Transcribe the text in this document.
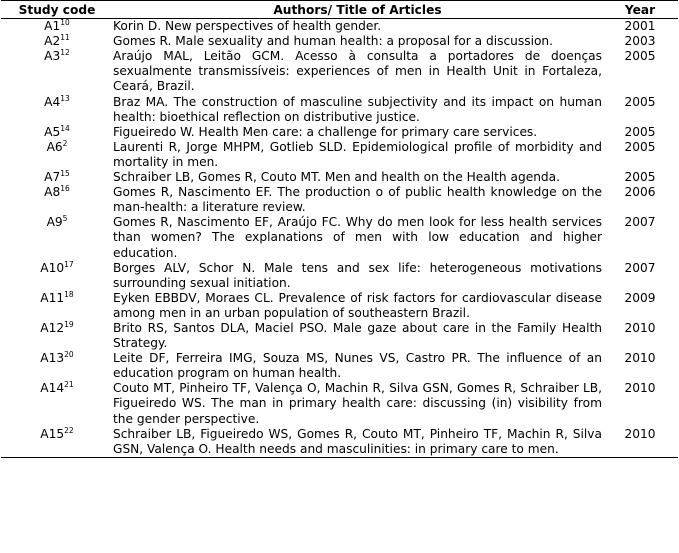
Study code	Authors/ Title of Articles	Year
$A1^{10}$	Korin D. New perspectives of health gender.	2001
$A2^{11}$	Gomes R. Male sexuality and human health: a proposal for a discussion.	2003
$A3^{12}$	Araújo MAL, Leitão GCM. Acesso à consulta a portadores de doenças sexualmente transmissíveis: experiences of men in Health Unit in Fortaleza, Ceará, Brazil.	2005
$A4^{13}$	Braz MA. The construction of masculine subjectivity and its impact on human health: bioethical reflection on distributive justice.	2005
$A5^{14}$	Figueiredo W. Health Men care: a challenge for primary care services.	2005
$A6^2$	Laurenti R, Jorge MHPM, Gotlieb SLD. Epidemiological profile of morbidity and mortality in men.	2005
$A7^{15}$	Schraiber LB, Gomes R, Couto MT. Men and health on the Health agenda.	2005
$A8^{16}$	Gomes R, Nascimento EF. The production o of public health knowledge on the man-health: a literature review.	2006
$A9^5$	Gomes R, Nascimento EF, Araújo FC. Why do men look for less health services than women? The explanations of men with low education and higher education.	2007
$A10^{17}$	Borges ALV, Schor N. Male tens and sex life: heterogeneous motivations surrounding sexual initiation.	2007
$A11^{18}$	Eyken EBBDV, Moraes CL. Prevalence of risk factors for cardiovascular disease among men in an urban population of southeastern Brazil.	2009
$A12^{19}$	Brito RS, Santos DLA, Maciel PSO. Male gaze about care in the Family Health Strategy.	2010
$A13^{20}$	Leite DF, Ferreira IMG, Souza MS, Nunes VS, Castro PR. The influence of an education program on human health.	2010
$A14^{21}$	Couto MT, Pinheiro TF, Valença O, Machin R, Silva GSN, Gomes R, Schraiber LB, Figueiredo WS. The man in primary health care: discussing (in) visibility from the gender perspective.	2010
$A15^{22}$	Schraiber LB, Figueiredo WS, Gomes R, Couto MT, Pinheiro TF, Machin R, Silva GSN, Valença O. Health needs and masculinities: in primary care to men.	2010
